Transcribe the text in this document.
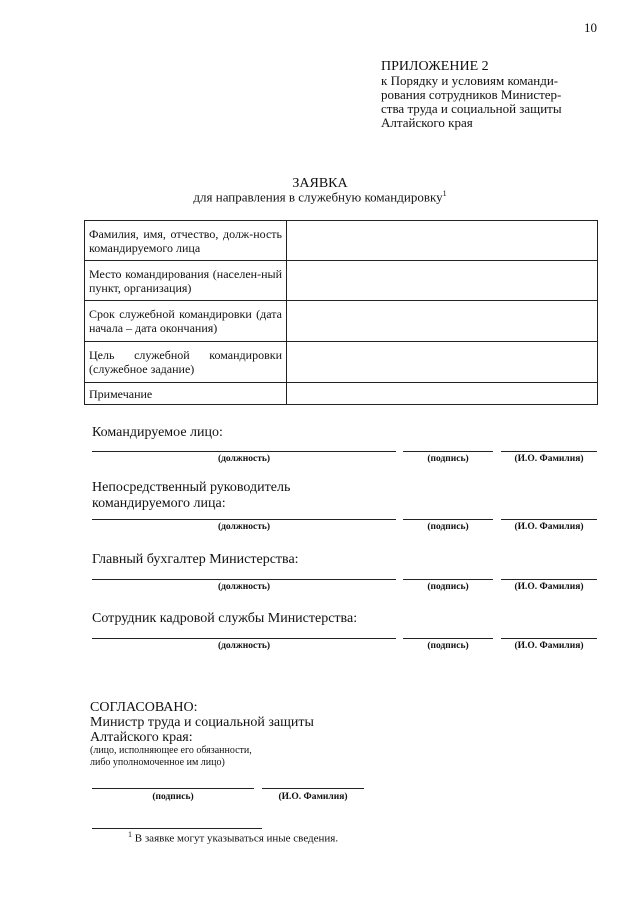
10
ПРИЛОЖЕНИЕ 2
к Порядку и условиям команди-
рования сотрудников Министер-
ства труда и социальной защиты
Алтайского края
ЗАЯВКА
для направления в служебную командировку$^1$
Фамилия, имя, отчество, долж-ность командируемого лица	
Место командирования (населен-ный пункт, организация)	
Срок служебной командировки (дата начала – дата окончания)	
Цель служебной командировки (служебное задание)	
Примечание	
Командируемое лицо:
(должность)	(подпись)	(И.О. Фамилия)
Непосредственный руководитель
командируемого лица:
(должность)	(подпись)	(И.О. Фамилия)
Главный бухгалтер Министерства:
(должность)	(подпись)	(И.О. Фамилия)
Сотрудник кадровой службы Министерства:
(должность)	(подпись)	(И.О. Фамилия)
СОГЛАСОВАНО:
Министр труда и социальной защиты
Алтайского края:
(лицо, исполняющее его обязанности,
либо уполномоченное им лицо)
(подпись)	(И.О. Фамилия)
$^1$ В заявке могут указываться иные сведения.
